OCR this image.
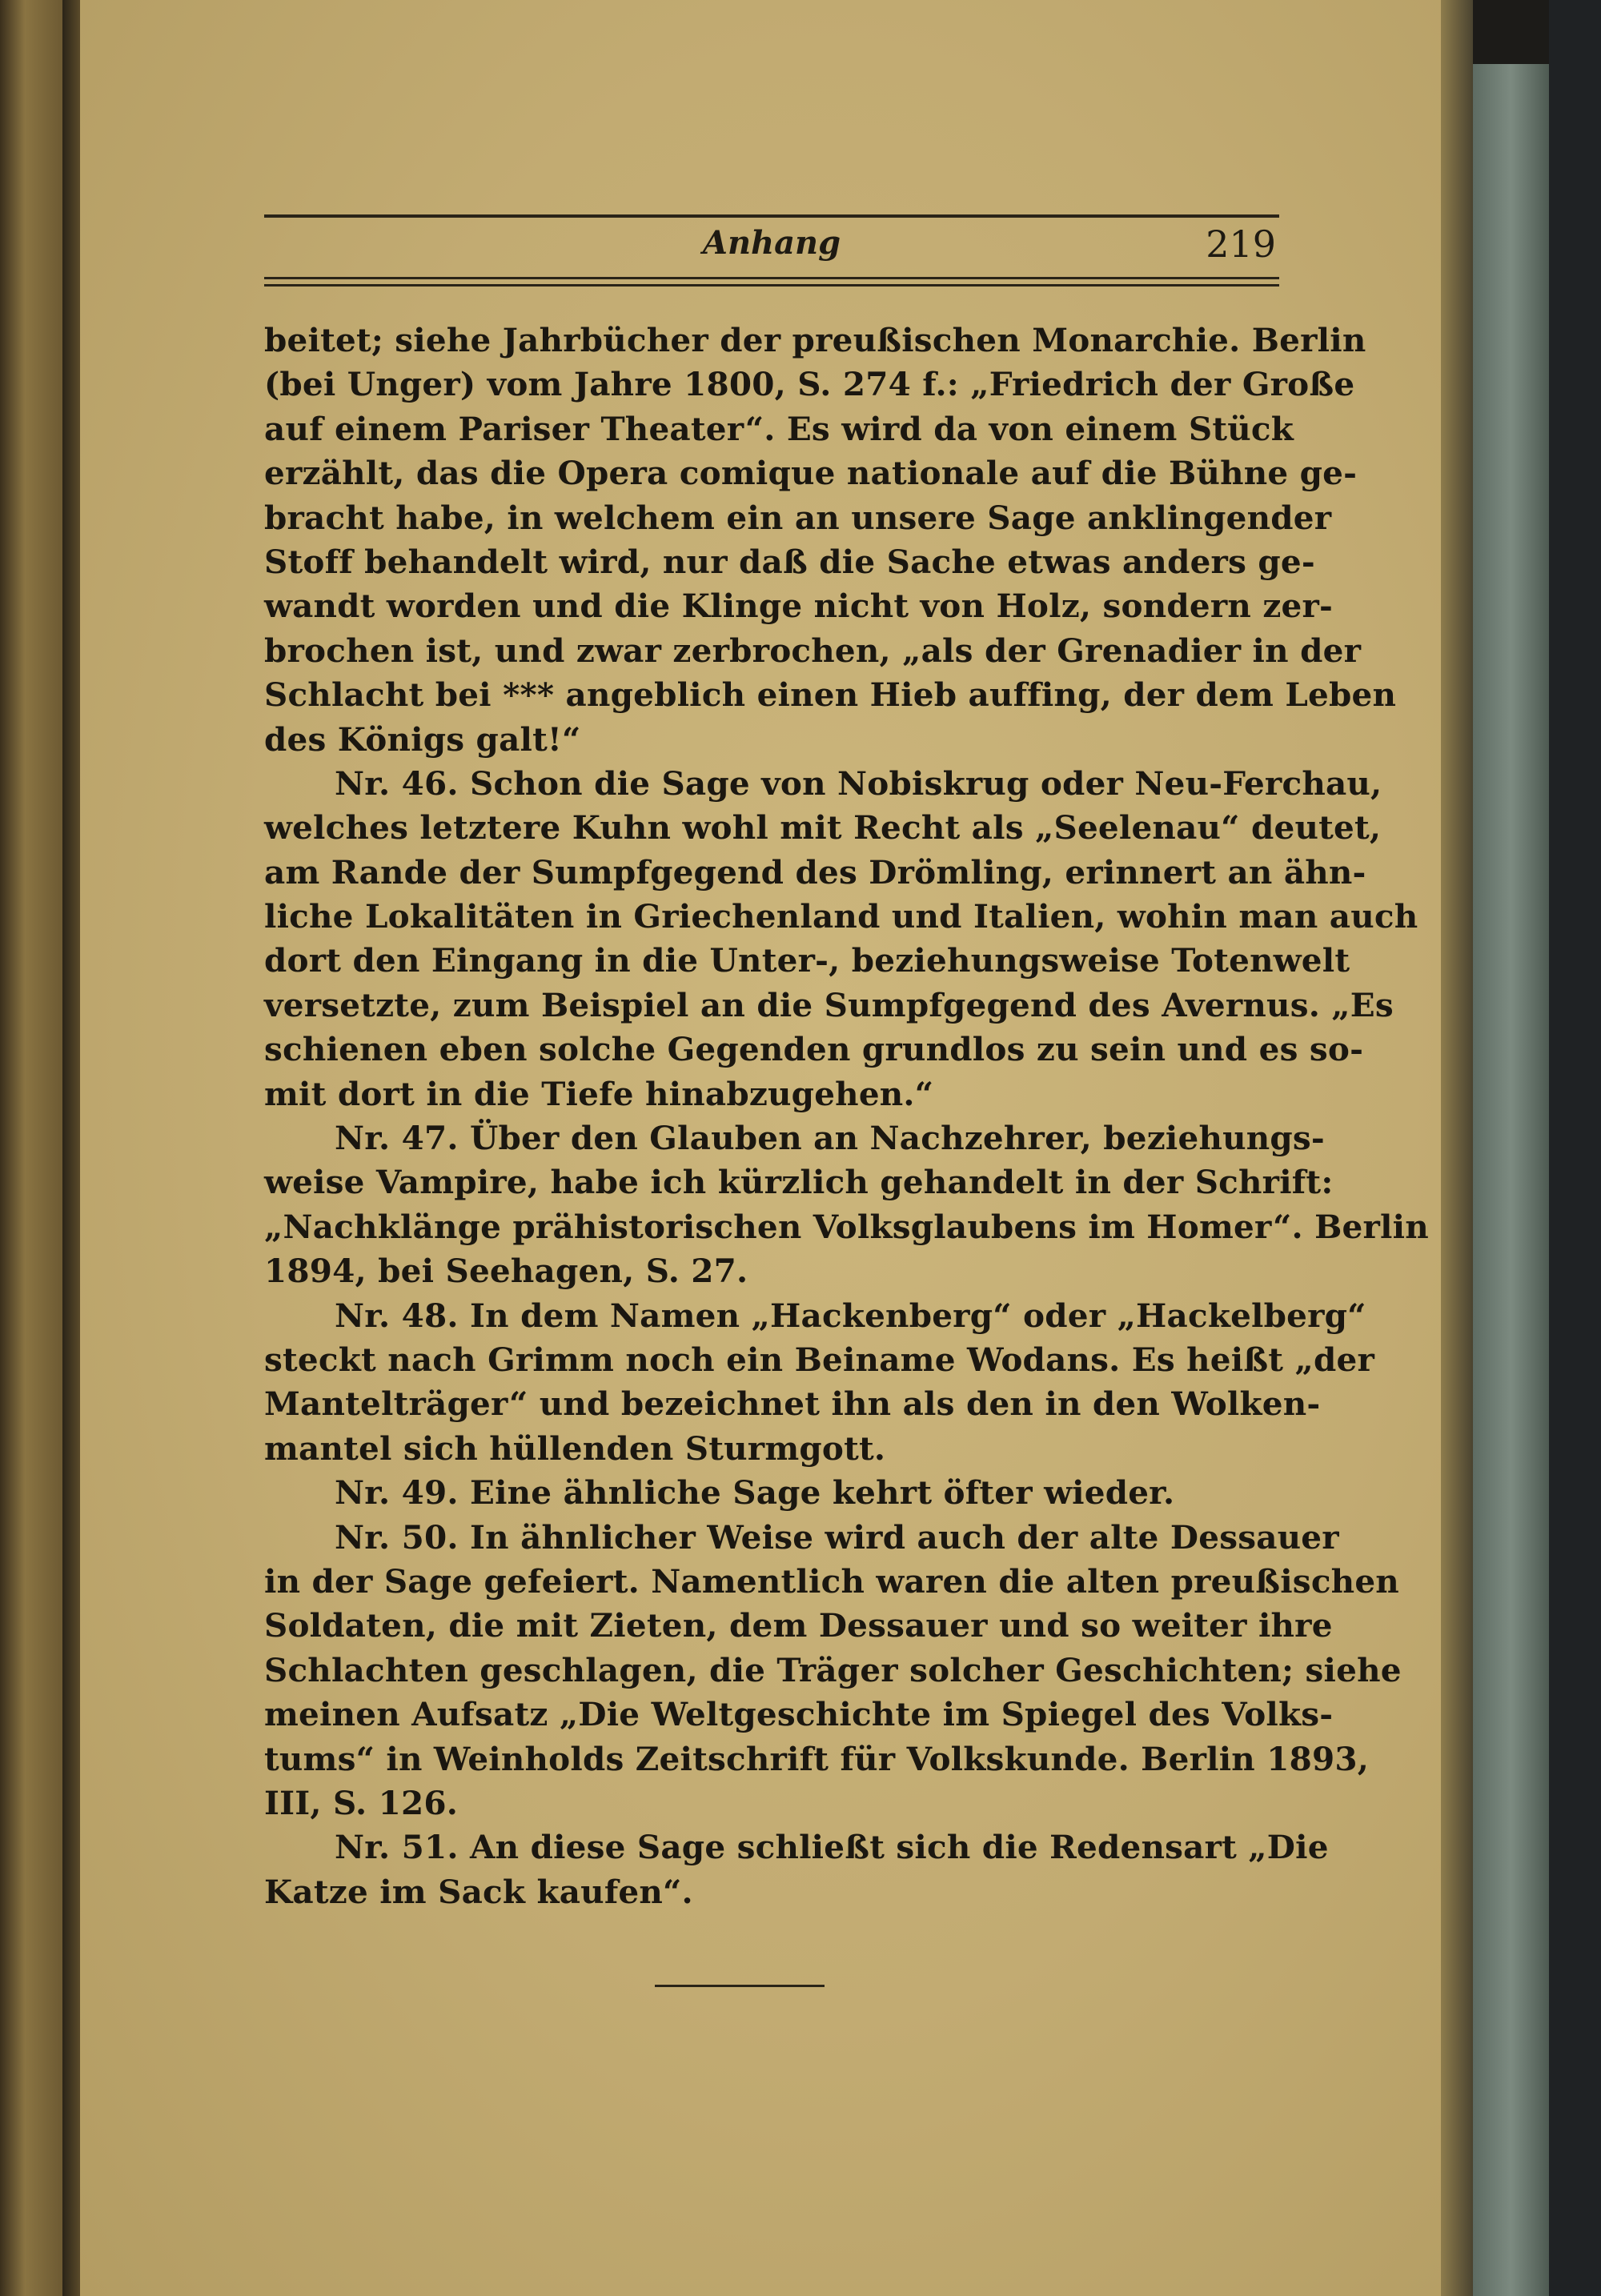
Anhang	219
beitet; siehe Jahrbücher der preußischen Monarchie. Berlin
(bei Unger) vom Jahre 1800, S. 274 f.: „Friedrich der Große
auf einem Pariser Theater“. Es wird da von einem Stück
erzählt, das die Opera comique nationale auf die Bühne ge-
bracht habe, in welchem ein an unsere Sage anklingender
Stoff behandelt wird, nur daß die Sache etwas anders ge-
wandt worden und die Klinge nicht von Holz, sondern zer-
brochen ist, und zwar zerbrochen, „als der Grenadier in der
Schlacht bei *** angeblich einen Hieb auffing, der dem Leben
des Königs galt!“
Nr. 46. Schon die Sage von Nobiskrug oder Neu-Ferchau,
welches letztere Kuhn wohl mit Recht als „Seelenau“ deutet,
am Rande der Sumpfgegend des Drömling, erinnert an ähn-
liche Lokalitäten in Griechenland und Italien, wohin man auch
dort den Eingang in die Unter-, beziehungsweise Totenwelt
versetzte, zum Beispiel an die Sumpfgegend des Avernus. „Es
schienen eben solche Gegenden grundlos zu sein und es so-
mit dort in die Tiefe hinabzugehen.“
Nr. 47. Über den Glauben an Nachzehrer, beziehungs-
weise Vampire, habe ich kürzlich gehandelt in der Schrift:
„Nachklänge prähistorischen Volksglaubens im Homer“. Berlin
1894, bei Seehagen, S. 27.
Nr. 48. In dem Namen „Hackenberg“ oder „Hackelberg“
steckt nach Grimm noch ein Beiname Wodans. Es heißt „der
Mantelträger“ und bezeichnet ihn als den in den Wolken-
mantel sich hüllenden Sturmgott.
Nr. 49. Eine ähnliche Sage kehrt öfter wieder.
Nr. 50. In ähnlicher Weise wird auch der alte Dessauer
in der Sage gefeiert. Namentlich waren die alten preußischen
Soldaten, die mit Zieten, dem Dessauer und so weiter ihre
Schlachten geschlagen, die Träger solcher Geschichten; siehe
meinen Aufsatz „Die Weltgeschichte im Spiegel des Volks-
tums“ in Weinholds Zeitschrift für Volkskunde. Berlin 1893,
III, S. 126.
Nr. 51. An diese Sage schließt sich die Redensart „Die
Katze im Sack kaufen“.
